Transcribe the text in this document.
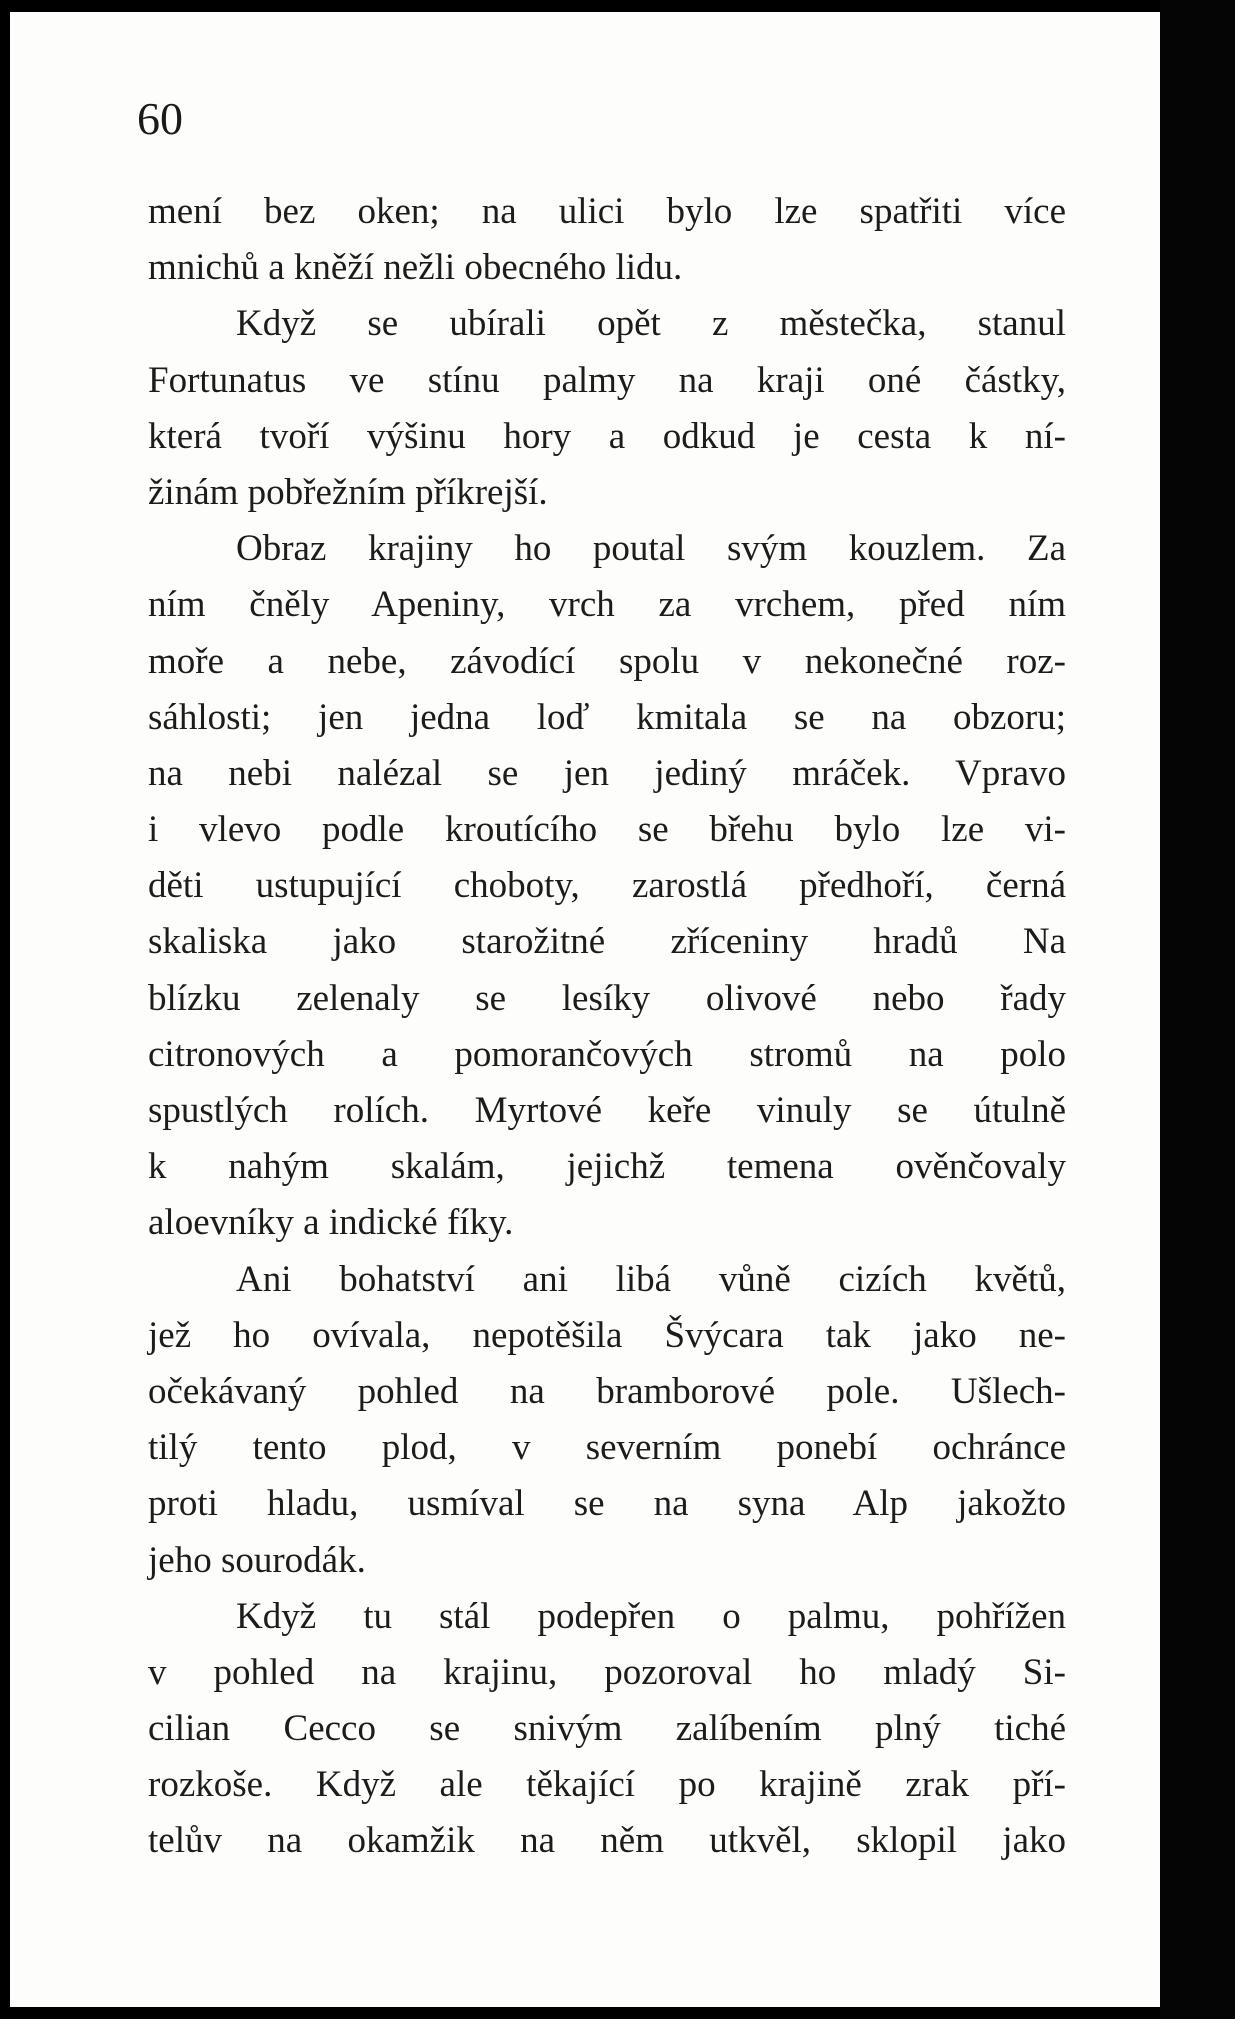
60
mení bez oken; na ulici bylo lze spatřiti více
mnichů a kněží nežli obecného lidu.
Když se ubírali opět z městečka, stanul
Fortunatus ve stínu palmy na kraji oné částky,
která tvoří výšinu hory a odkud je cesta k ní-
žinám pobřežním příkrejší.
Obraz krajiny ho poutal svým kouzlem. Za
ním čněly Apeniny, vrch za vrchem, před ním
moře a nebe, závodící spolu v nekonečné roz-
sáhlosti; jen jedna loď kmitala se na obzoru;
na nebi nalézal se jen jediný mráček. Vpravo
i vlevo podle kroutícího se břehu bylo lze vi-
děti ustupující choboty, zarostlá předhoří, černá
skaliska jako starožitné zříceniny hradů Na
blízku zelenaly se lesíky olivové nebo řady
citronových a pomorančových stromů na polo
spustlých rolích. Myrtové keře vinuly se útulně
k nahým skalám, jejichž temena ověnčovaly
aloevníky a indické fíky.
Ani bohatství ani libá vůně cizích květů,
jež ho ovívala, nepotěšila Švýcara tak jako ne-
očekávaný pohled na bramborové pole. Ušlech-
tilý tento plod, v severním ponebí ochránce
proti hladu, usmíval se na syna Alp jakožto
jeho sourodák.
Když tu stál podepřen o palmu, pohřížen
v pohled na krajinu, pozoroval ho mladý Si-
cilian Cecco se snivým zalíbením plný tiché
rozkoše. Když ale těkající po krajině zrak pří-
telův na okamžik na něm utkvěl, sklopil jako
